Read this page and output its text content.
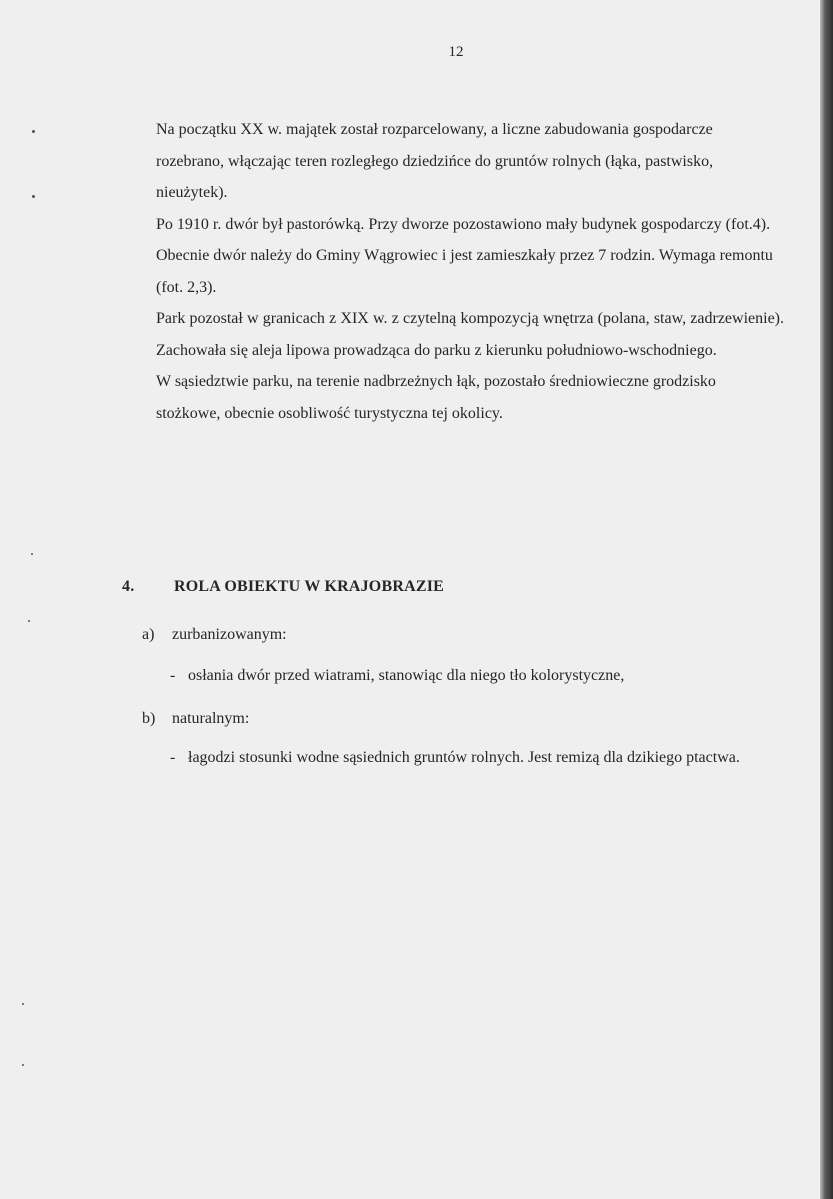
12

Na początku XX w. majątek został rozparcelowany, a liczne zabudowania gospodarcze rozebrano, włączając teren rozległego dziedzińce do gruntów rolnych (łąka, pastwisko, nieużytek).

Po 1910 r. dwór był pastorówką. Przy dworze pozostawiono mały budynek gospodarczy (fot.4).

Obecnie dwór należy do Gminy Wągrowiec i jest zamieszkały przez 7 rodzin. Wymaga remontu (fot. 2,3).

Park pozostał w granicach z XIX w. z czytelną kompozycją wnętrza (polana, staw, zadrzewienie). Zachowała się aleja lipowa prowadząca do parku z kierunku południowo-wschodniego.

W sąsiedztwie parku, na terenie nadbrzeżnych łąk, pozostało średniowieczne grodzisko stożkowe, obecnie osobliwość turystyczna tej okolicy.

4. ROLA OBIEKTU W KRAJOBRAZIE
a) zurbanizowanym:
- osłania dwór przed wiatrami, stanowiąc dla niego tło kolorystyczne,
b) naturalnym:
- łagodzi stosunki wodne sąsiednich gruntów rolnych. Jest remizą dla dzikiego ptactwa.
